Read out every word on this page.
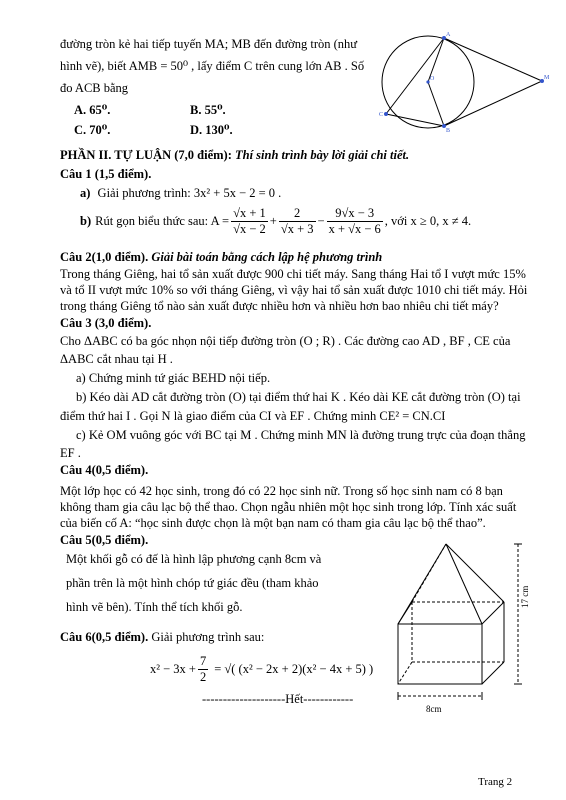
đường tròn kẻ hai tiếp tuyến MA; MB đến đường tròn (như
hình vẽ), biết AMB = 50⁰ , lấy điểm C trên cung lớn AB . Số
đo ACB bằng
A. 65⁰.	B. 55⁰.
C. 70⁰.	D. 130⁰.
A
O	M
C
B
PHẦN II. TỰ LUẬN (7,0 điểm): Thí sinh trình bày lời giải chi tiết.
Câu 1 (1,5 điểm).
a) Giải phương trình: 3x² + 5x − 2 = 0 .
b) Rút gọn biểu thức sau: $A = \frac{√x + 1}{√x - 2} + \frac{2}{√x + 3} - \frac{9√x - 3}{x + √x - 6}$ , với x ≥ 0, x ≠ 4.
Câu 2(1,0 điểm). Giải bài toán bằng cách lập hệ phương trình
Trong tháng Giêng, hai tổ sản xuất được 900 chi tiết máy. Sang tháng Hai tổ I vượt mức 15%
và tổ II vượt mức 10% so với tháng Giêng, vì vậy hai tổ sản xuất được 1010 chi tiết máy. Hỏi
trong tháng Giêng tổ nào sản xuất được nhiều hơn và nhiều hơn bao nhiêu chi tiết máy?
Câu 3 (3,0 điểm).
Cho ΔABC có ba góc nhọn nội tiếp đường tròn (O ; R) . Các đường cao AD , BF , CE của
ΔABC cắt nhau tại H .
a) Chứng minh tứ giác BEHD nội tiếp.
b) Kéo dài AD cắt đường tròn (O) tại điểm thứ hai K . Kéo dài KE cắt đường tròn (O) tại
điểm thứ hai I . Gọi N là giao điểm của CI và EF . Chứng minh CE² = CN.CI
c) Kẻ OM vuông góc với BC tại M . Chứng minh MN là đường trung trực của đoạn thẳng
EF .
Câu 4(0,5 điểm).
Một lớp học có 42 học sinh, trong đó có 22 học sinh nữ. Trong số học sinh nam có 8 bạn
không tham gia câu lạc bộ thể thao. Chọn ngẫu nhiên một học sinh trong lớp. Tính xác suất
của biến cố A: “học sinh được chọn là một bạn nam có tham gia câu lạc bộ thể thao”.
Câu 5(0,5 điểm).
Một khối gỗ có đế là hình lập phương cạnh 8cm và
phần trên là một hình chóp tứ giác đều (tham khảo
hình vẽ bên). Tính thể tích khối gỗ.	17 cm
8cm
Câu 6(0,5 điểm). Giải phương trình sau:
$x^2 - 3x + \frac{7}{2}$ = √( (x² − 2x + 2)(x² − 4x + 5) )
--------------------Hết------------
Trang 2
